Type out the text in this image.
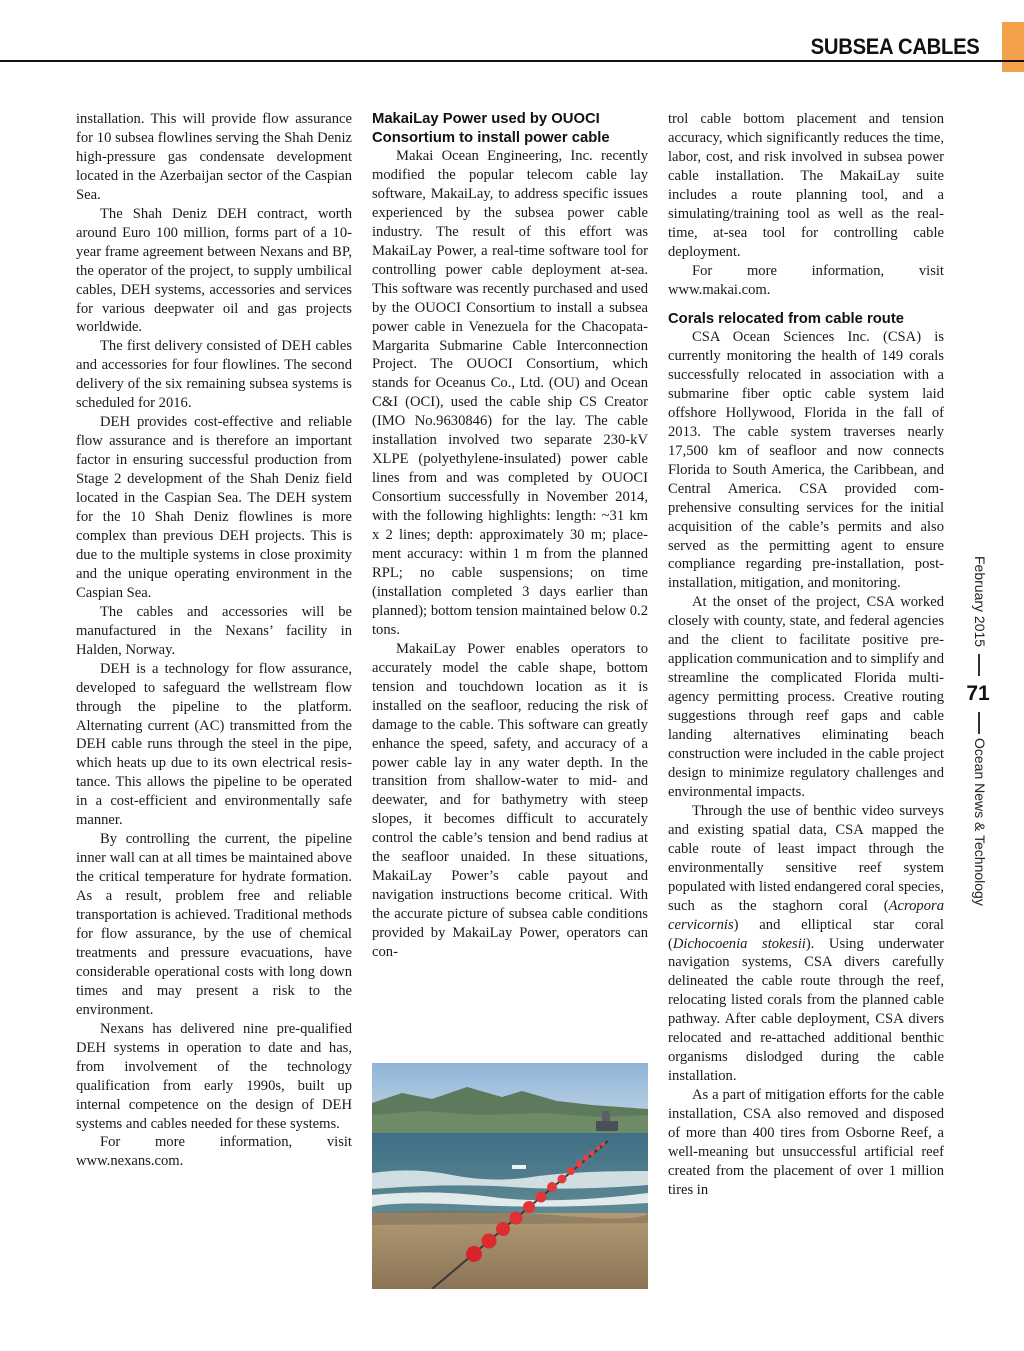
SUBSEA CABLES

installation. This will provide flow assurance for 10 subsea flowlines serving the Shah Deniz high-pressure gas condensate development located in the Azerbaijan sector of the Caspian Sea.

The Shah Deniz DEH contract, worth around Euro 100 million, forms part of a 10-year frame agreement between Nexans and BP, the operator of the project, to supply umbilical cables, DEH systems, accessories and services for various deepwater oil and gas projects worldwide.

The first delivery consisted of DEH cables and accessories for four flowlines. The second delivery of the six remaining subsea systems is scheduled for 2016.

DEH provides cost-effective and reliable flow assurance and is therefore an important factor in ensuring successful production from Stage 2 development of the Shah Deniz field located in the Caspian Sea. The DEH system for the 10 Shah Deniz flowlines is more complex than previous DEH projects. This is due to the multiple systems in close proximity and the unique operating environment in the Caspian Sea.

The cables and accessories will be manufactured in the Nexans’ facility in Halden, Norway.

DEH is a technology for flow assurance, developed to safeguard the wellstream flow through the pipeline to the platform. Alternating current (AC) transmitted from the DEH cable runs through the steel in the pipe, which heats up due to its own electrical resistance. This allows the pipeline to be operated in a cost-efficient and environmentally safe manner.

By controlling the current, the pipeline inner wall can at all times be maintained above the critical temperature for hydrate formation. As a result, problem free and reliable transportation is achieved. Traditional methods for flow assurance, by the use of chemical treatments and pressure evacuations, have considerable operational costs with long down times and may present a risk to the environment.

Nexans has delivered nine pre-qualified DEH systems in operation to date and has, from involvement of the technology qualification from early 1990s, built up internal competence on the design of DEH systems and cables needed for these systems.

For more information, visit www.nexans.com.

MakaiLay Power used by OUOCI Consortium to install power cable

Makai Ocean Engineering, Inc. recently modified the popular telecom cable lay software, MakaiLay, to address specific issues experienced by the subsea power cable industry. The result of this effort was MakaiLay Power, a real-time software tool for controlling power cable deployment at-sea. This software was recently purchased and used by the OUOCI Consortium to install a subsea power cable in Venezuela for the Chacopata-Margarita Submarine Cable Interconnection Project. The OUOCI Consortium, which stands for Oceanus Co., Ltd. (OU) and Ocean C&I (OCI), used the cable ship CS Creator (IMO No.9630846) for the lay. The cable installation involved two separate 230-kV XLPE (polyethylene-insulated) power cable lines from and was completed by OUOCI Consortium successfully in November 2014, with the following highlights: length: ~31 km x 2 lines; depth: approximately 30 m; placement accuracy: within 1 m from the planned RPL; no cable suspensions; on time (installation completed 3 days earlier than planned); bottom tension maintained below 0.2 tons.

MakaiLay Power enables operators to accurately model the cable shape, bottom tension and touchdown location as it is installed on the seafloor, reducing the risk of damage to the cable. This software can greatly enhance the speed, safety, and accuracy of a power cable lay in any water depth. In the transition from shallow-water to mid- and deewater, and for bathymetry with steep slopes, it becomes difficult to accurately control the cable’s tension and bend radius at the seafloor unaided. In these situations, MakaiLay Power’s cable payout and navigation instructions become critical. With the accurate picture of subsea cable conditions provided by MakaiLay Power, operators can con-

trol cable bottom placement and tension accuracy, which significantly reduces the time, labor, cost, and risk involved in subsea power cable installation. The MakaiLay suite includes a route planning tool, and a simulating/training tool as well as the real-time, at-sea tool for controlling cable deployment.

For more information, visit www.makai.com.

Corals relocated from cable route

CSA Ocean Sciences Inc. (CSA) is currently monitoring the health of 149 corals successfully relocated in association with a submarine fiber optic cable system laid offshore Hollywood, Florida in the fall of 2013. The cable system traverses nearly 17,500 km of seafloor and now connects Florida to South America, the Caribbean, and Central America. CSA provided comprehensive consulting services for the initial acquisition of the cable’s permits and also served as the permitting agent to ensure compliance regarding pre-installation, post-installation, mitigation, and monitoring.

At the onset of the project, CSA worked closely with county, state, and federal agencies and the client to facilitate positive pre-application communication and to simplify and streamline the complicated Florida multi-agency permitting process. Creative routing suggestions through reef gaps and cable landing alternatives eliminating beach construction were included in the cable project design to minimize regulatory challenges and environmental impacts.

Through the use of benthic video surveys and existing spatial data, CSA mapped the cable route of least impact through the environmentally sensitive reef system populated with listed endangered coral species, such as the staghorn coral (Acropora cervicornis) and elliptical star coral (Dichocoenia stokesii). Using underwater navigation systems, CSA divers carefully delineated the cable route through the reef, relocating listed corals from the planned cable pathway. After cable deployment, CSA divers relocated and re-attached additional benthic organisms dislodged during the cable installation.

As a part of mitigation efforts for the cable installation, CSA also removed and disposed of more than 400 tires from Osborne Reef, a well-meaning but unsuccessful artificial reef created from the placement of over 1 million tires in

February 2015
71
Ocean News & Technology
